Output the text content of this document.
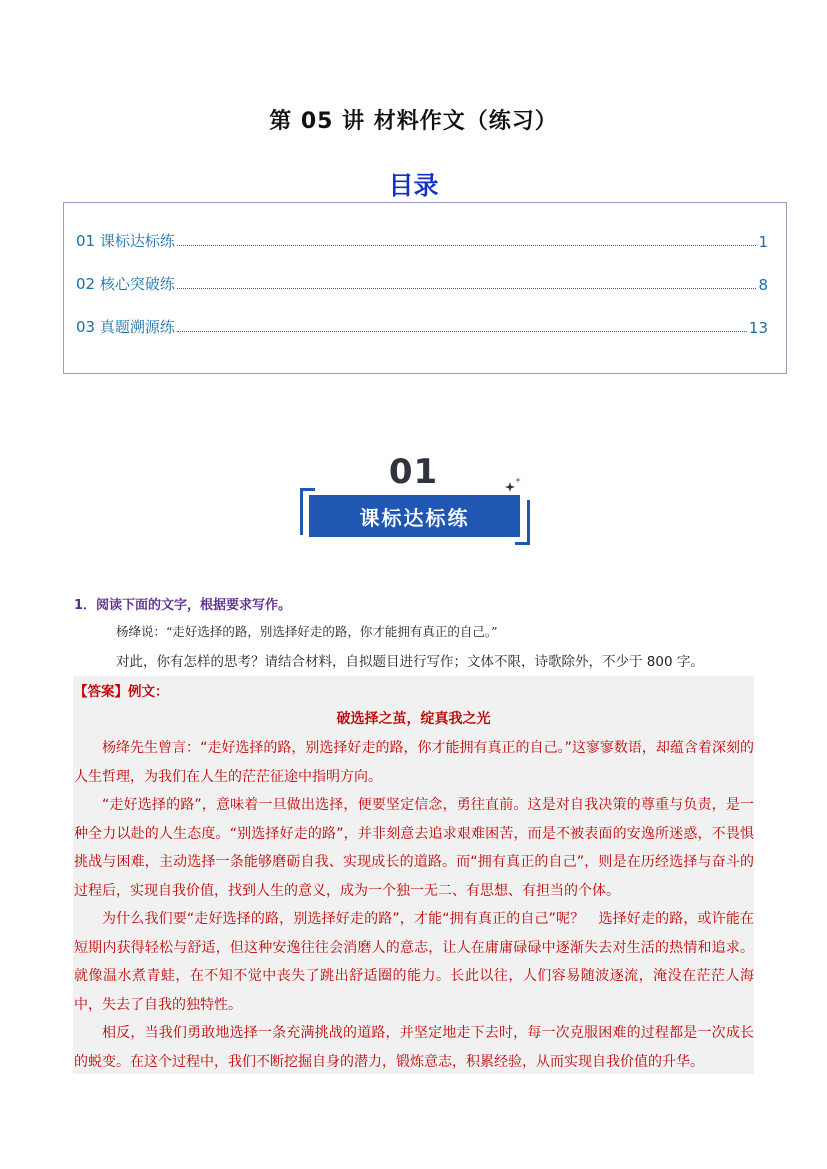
第 05 讲 材料作文（练习）
目录
01 课标达标练	1
02 核心突破练	8
03 真题溯源练	13
01
课标达标练
1．阅读下面的文字，根据要求写作。
杨绛说：“走好选择的路，别选择好走的路，你才能拥有真正的自己。”
对此，你有怎样的思考？请结合材料，自拟题目进行写作；文体不限，诗歌除外，不少于 800 字。
【答案】例文：
破选择之茧，绽真我之光

杨绛先生曾言：“走好选择的路，别选择好走的路，你才能拥有真正的自己。”这寥寥数语，却蕴含着深刻的人生哲理，为我们在人生的茫茫征途中指明方向。

“走好选择的路”，意味着一旦做出选择，便要坚定信念，勇往直前。这是对自我决策的尊重与负责，是一种全力以赴的人生态度。“别选择好走的路”，并非刻意去追求艰难困苦，而是不被表面的安逸所迷惑，不畏惧挑战与困难，主动选择一条能够磨砺自我、实现成长的道路。而“拥有真正的自己”，则是在历经选择与奋斗的过程后，实现自我价值，找到人生的意义，成为一个独一无二、有思想、有担当的个体。

为什么我们要“走好选择的路，别选择好走的路”，才能“拥有真正的自己”呢？　选择好走的路，或许能在短期内获得轻松与舒适，但这种安逸往往会消磨人的意志，让人在庸庸碌碌中逐渐失去对生活的热情和追求。就像温水煮青蛙，在不知不觉中丧失了跳出舒适圈的能力。长此以往，人们容易随波逐流，淹没在茫茫人海中，失去了自我的独特性。

相反，当我们勇敢地选择一条充满挑战的道路，并坚定地走下去时，每一次克服困难的过程都是一次成长的蜕变。在这个过程中，我们不断挖掘自身的潜力，锻炼意志，积累经验，从而实现自我价值的升华。
